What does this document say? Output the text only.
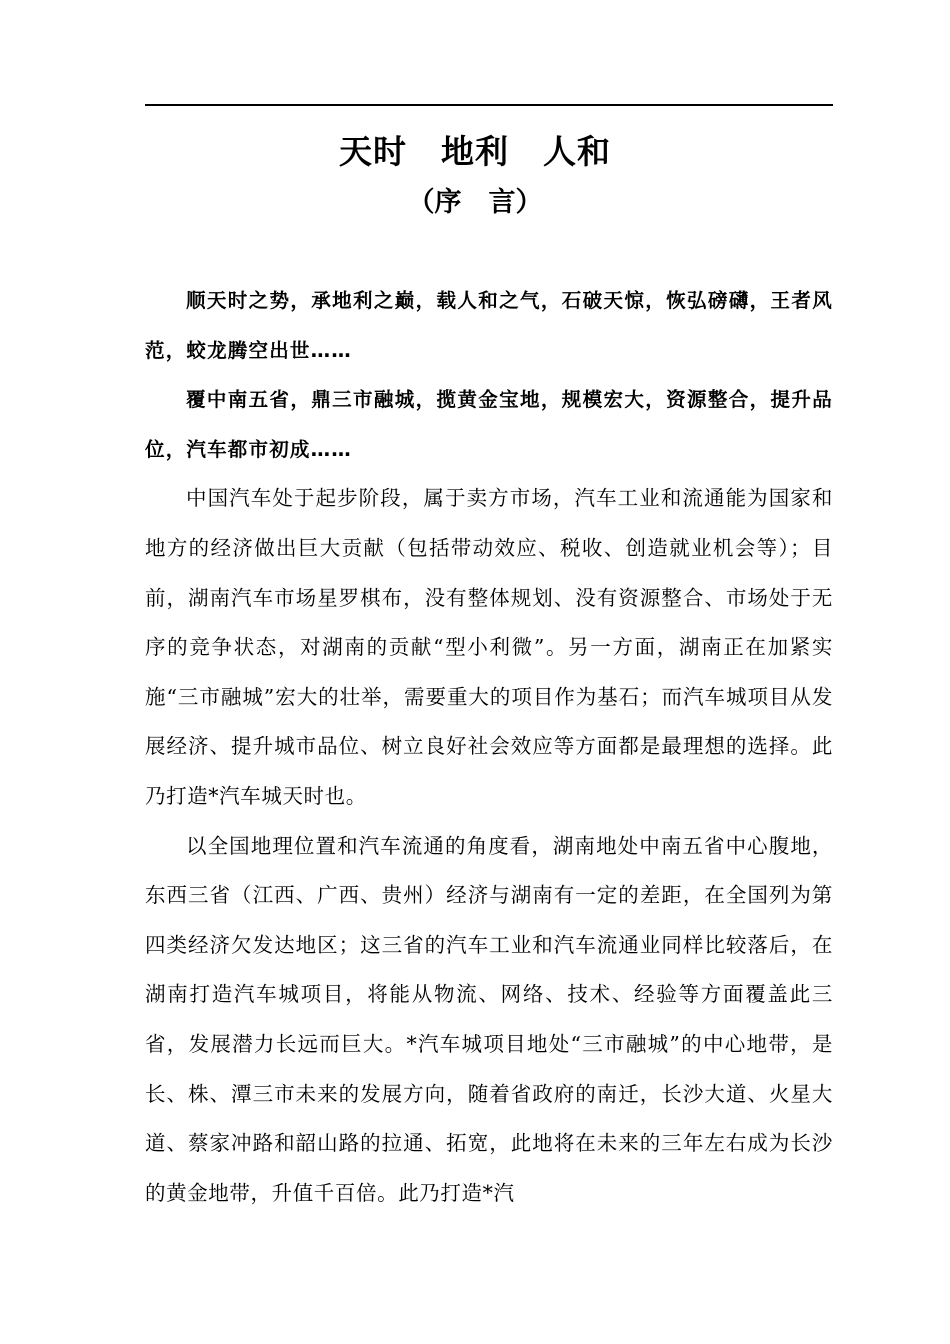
天时　地利　人和
（序　言）

顺天时之势，承地利之巅，载人和之气，石破天惊，恢弘磅礴，王者风范，蛟龙腾空出世……

覆中南五省，鼎三市融城，揽黄金宝地，规模宏大，资源整合，提升品位，汽车都市初成……

中国汽车处于起步阶段，属于卖方市场，汽车工业和流通能为国家和地方的经济做出巨大贡献（包括带动效应、税收、创造就业机会等）；目前，湖南汽车市场星罗棋布，没有整体规划、没有资源整合、市场处于无序的竞争状态，对湖南的贡献“型小利微”。另一方面，湖南正在加紧实施“三市融城”宏大的壮举，需要重大的项目作为基石；而汽车城项目从发展经济、提升城市品位、树立良好社会效应等方面都是最理想的选择。此乃打造*汽车城天时也。

以全国地理位置和汽车流通的角度看，湖南地处中南五省中心腹地，东西三省（江西、广西、贵州）经济与湖南有一定的差距，在全国列为第四类经济欠发达地区；这三省的汽车工业和汽车流通业同样比较落后，在湖南打造汽车城项目，将能从物流、网络、技术、经验等方面覆盖此三省，发展潜力长远而巨大。*汽车城项目地处“三市融城”的中心地带，是长、株、潭三市未来的发展方向，随着省政府的南迁，长沙大道、火星大道、蔡家冲路和韶山路的拉通、拓宽，此地将在未来的三年左右成为长沙的黄金地带，升值千百倍。此乃打造*汽
